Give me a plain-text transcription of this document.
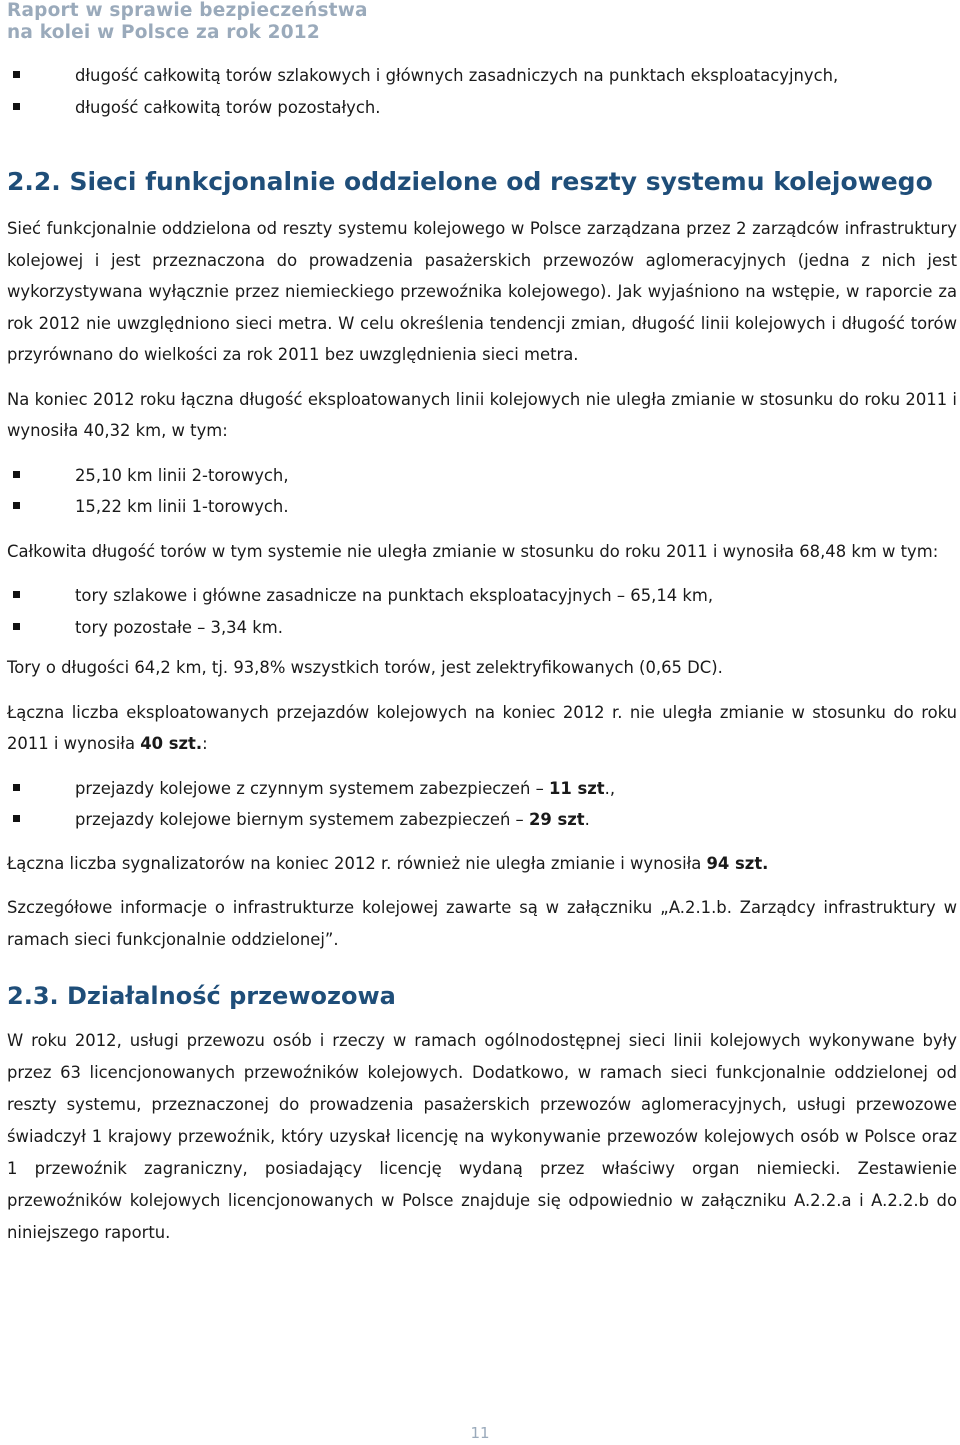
Raport w sprawie bezpieczeństwa
na kolei w Polsce za rok 2012
długość całkowitą torów szlakowych i głównych zasadniczych na punktach eksploatacyjnych,
długość całkowitą torów pozostałych.
2.2. Sieci funkcjonalnie oddzielone od reszty systemu kolejowego

Sieć funkcjonalnie oddzielona od reszty systemu kolejowego w Polsce zarządzana przez 2 zarządców infrastruktury kolejowej i jest przeznaczona do prowadzenia pasażerskich przewozów aglomeracyjnych (jedna z nich jest wykorzystywana wyłącznie przez niemieckiego przewoźnika kolejowego). Jak wyjaśniono na wstępie, w raporcie za rok 2012 nie uwzględniono sieci metra. W celu określenia tendencji zmian, długość linii kolejowych i długość torów przyrównano do wielkości za rok 2011 bez uwzględnienia sieci metra.

Na koniec 2012 roku łączna długość eksploatowanych linii kolejowych nie uległa zmianie w stosunku do roku 2011 i wynosiła 40,32 km, w tym:

25,10 km linii 2-torowych,
15,22 km linii 1-torowych.

Całkowita długość torów w tym systemie nie uległa zmianie w stosunku do roku 2011 i wynosiła 68,48 km w tym:

tory szlakowe i główne zasadnicze na punktach eksploatacyjnych – 65,14 km,
tory pozostałe – 3,34 km.

Tory o długości 64,2 km, tj. 93,8% wszystkich torów, jest zelektryfikowanych (0,65 DC).

Łączna liczba eksploatowanych przejazdów kolejowych na koniec 2012 r. nie uległa zmianie w stosunku do roku 2011 i wynosiła 40 szt.:

przejazdy kolejowe z czynnym systemem zabezpieczeń – 11 szt.,
przejazdy kolejowe biernym systemem zabezpieczeń – 29 szt.

Łączna liczba sygnalizatorów na koniec 2012 r. również nie uległa zmianie i wynosiła 94 szt.

Szczegółowe informacje o infrastrukturze kolejowej zawarte są w załączniku „A.2.1.b. Zarządcy infrastruktury w ramach sieci funkcjonalnie oddzielonej”.

2.3. Działalność przewozowa

W roku 2012, usługi przewozu osób i rzeczy w ramach ogólnodostępnej sieci linii kolejowych wykonywane były przez 63 licencjonowanych przewoźników kolejowych. Dodatkowo, w ramach sieci funkcjonalnie oddzielonej od reszty systemu, przeznaczonej do prowadzenia pasażerskich przewozów aglomeracyjnych, usługi przewozowe świadczył 1 krajowy przewoźnik, który uzyskał licencję na wykonywanie przewozów kolejowych osób w Polsce oraz 1 przewoźnik zagraniczny, posiadający licencję wydaną przez właściwy organ niemiecki. Zestawienie przewoźników kolejowych licencjonowanych w Polsce znajduje się odpowiednio w załączniku A.2.2.a i A.2.2.b do niniejszego raportu.

11
